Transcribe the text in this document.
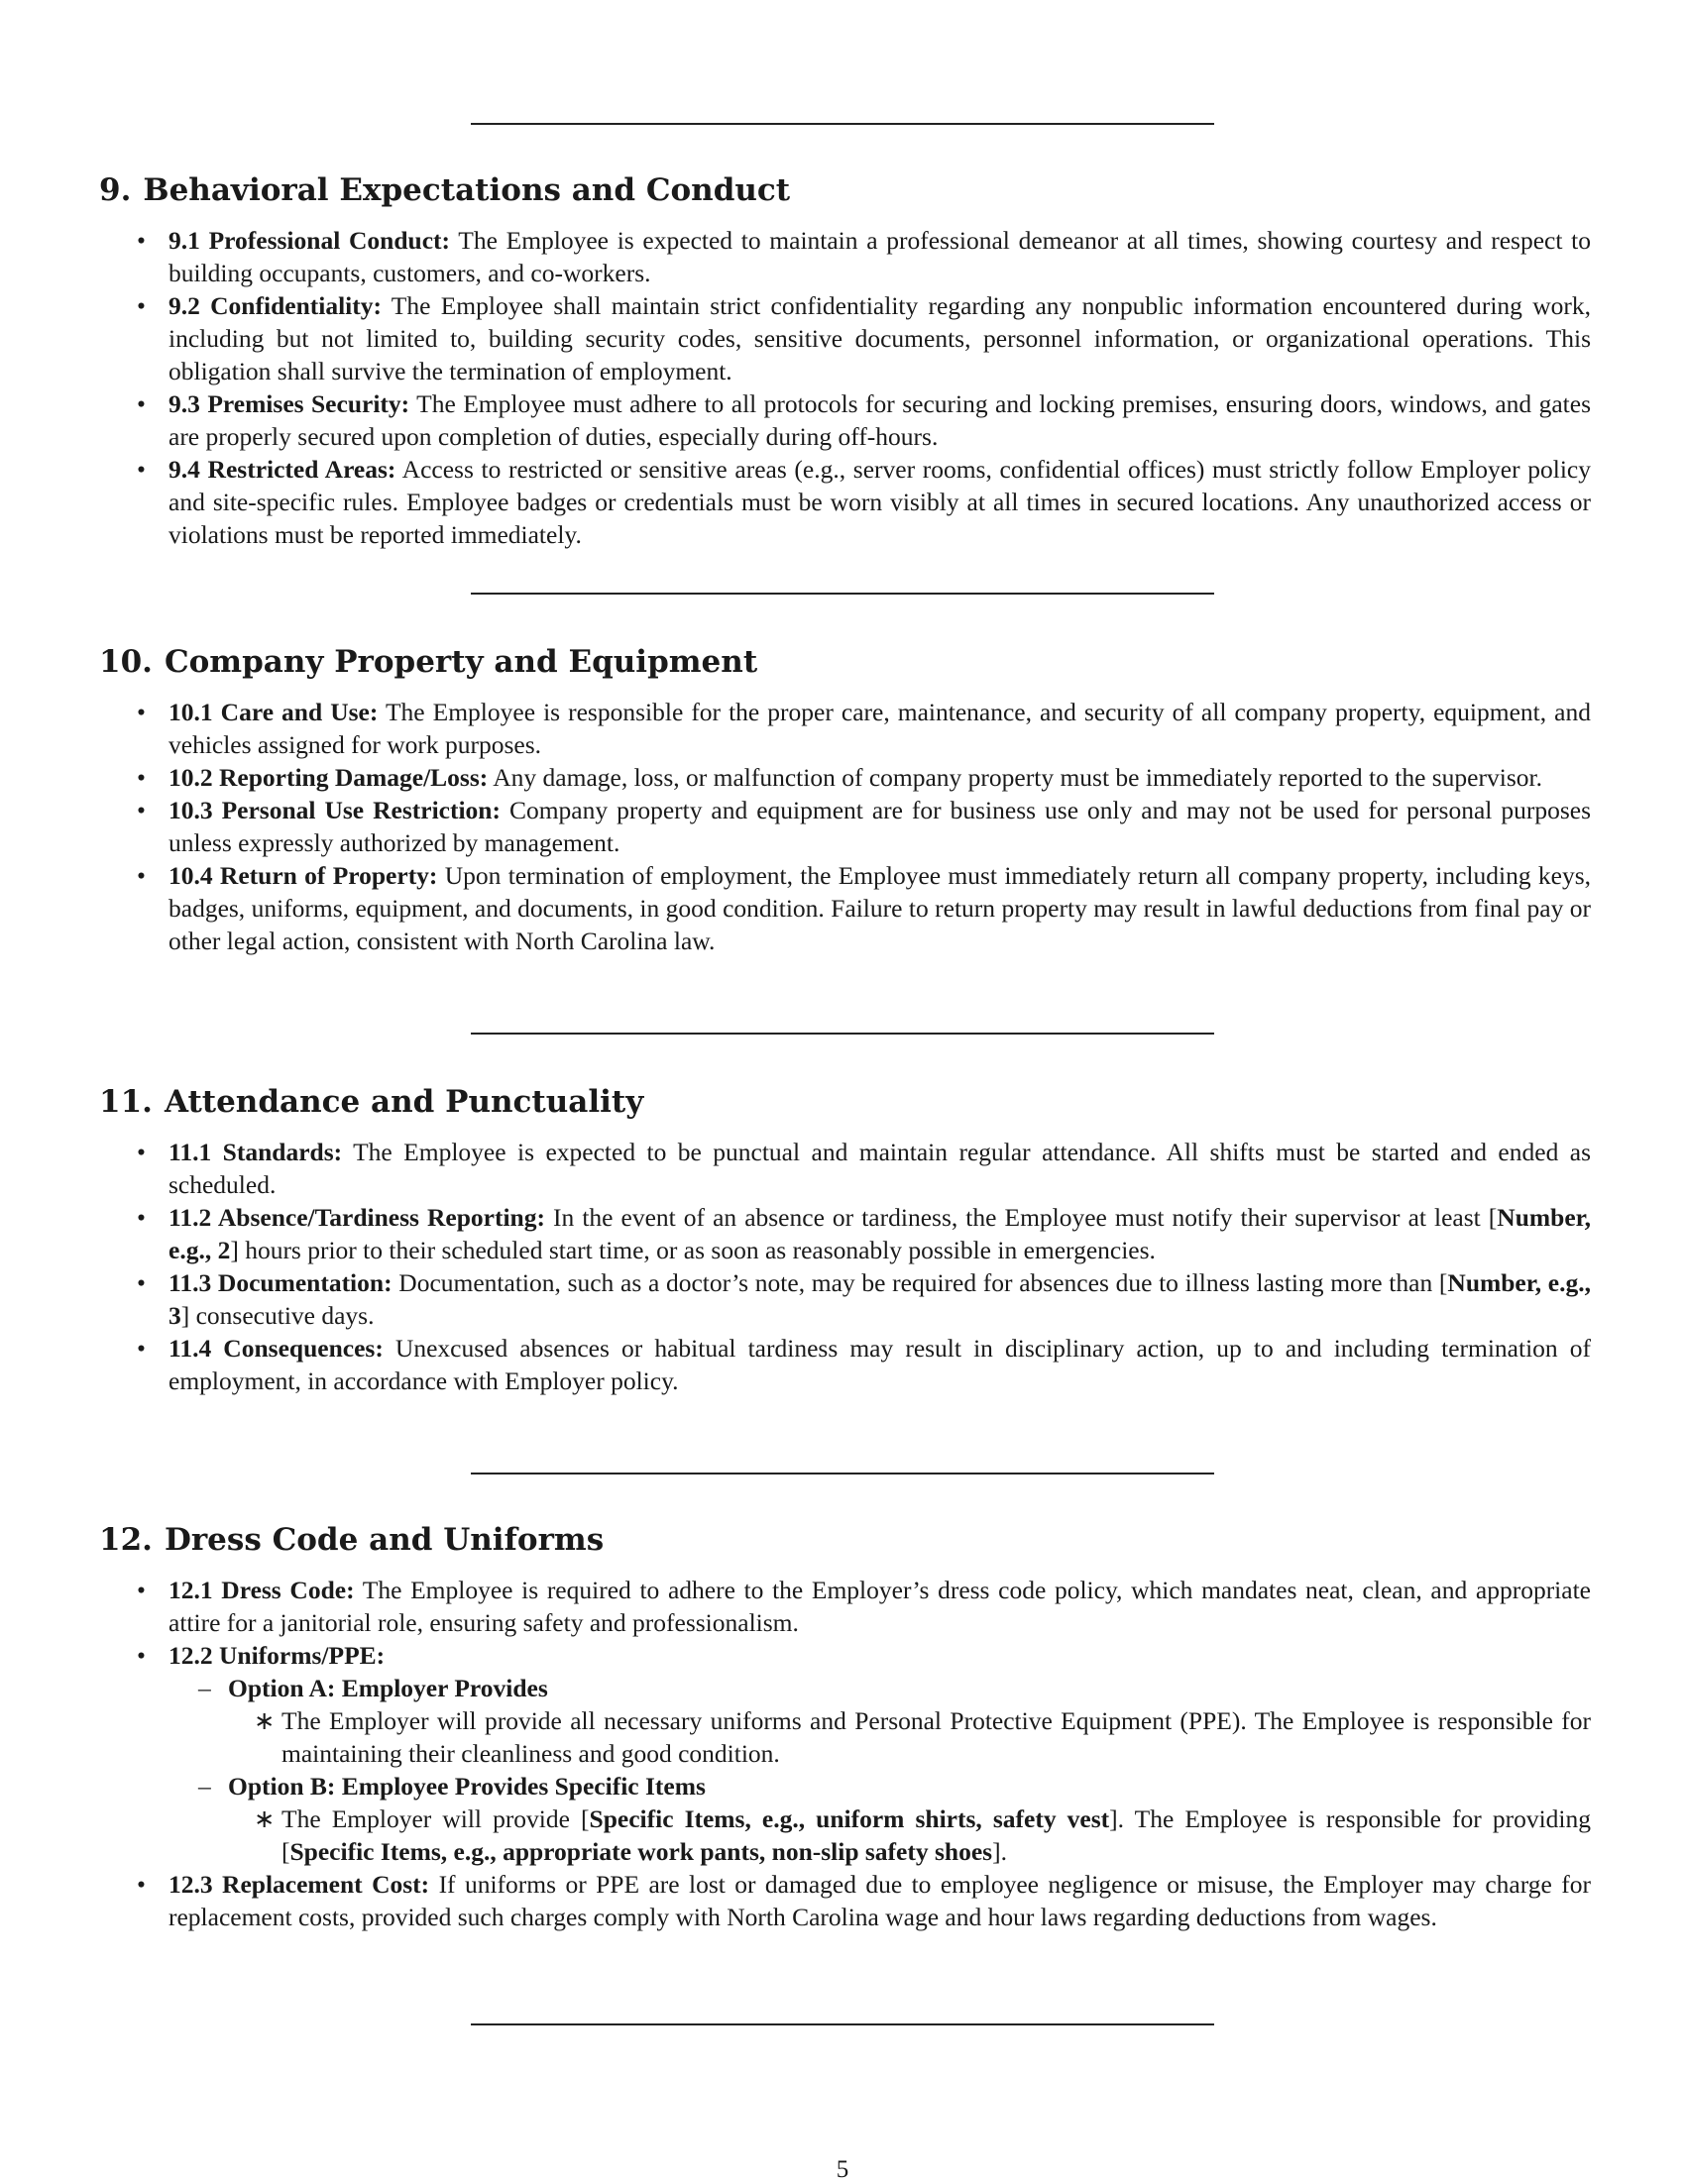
9. Behavioral Expectations and Conduct
• 9.1 Professional Conduct: The Employee is expected to maintain a professional demeanor at all times, showing courtesy and respect to building occupants, customers, and co-workers.
• 9.2 Confidentiality: The Employee shall maintain strict confidentiality regarding any nonpublic information encountered during work, including but not limited to, building security codes, sensitive documents, personnel information, or organizational operations. This obligation shall survive the termination of employment.
• 9.3 Premises Security: The Employee must adhere to all protocols for securing and locking premises, ensuring doors, windows, and gates are properly secured upon completion of duties, especially during off-hours.
• 9.4 Restricted Areas: Access to restricted or sensitive areas (e.g., server rooms, confidential offices) must strictly follow Employer policy and site-specific rules. Employee badges or credentials must be worn visibly at all times in secured locations. Any unauthorized access or violations must be reported immediately.
10. Company Property and Equipment
• 10.1 Care and Use: The Employee is responsible for the proper care, maintenance, and security of all company property, equipment, and vehicles assigned for work purposes.
• 10.2 Reporting Damage/Loss: Any damage, loss, or malfunction of company property must be immediately reported to the supervisor.
• 10.3 Personal Use Restriction: Company property and equipment are for business use only and may not be used for personal purposes unless expressly authorized by management.
• 10.4 Return of Property: Upon termination of employment, the Employee must immediately return all company property, including keys, badges, uniforms, equipment, and documents, in good condition. Failure to return property may result in lawful deductions from final pay or other legal action, consistent with North Carolina law.
11. Attendance and Punctuality
• 11.1 Standards: The Employee is expected to be punctual and maintain regular attendance. All shifts must be started and ended as scheduled.
• 11.2 Absence/Tardiness Reporting: In the event of an absence or tardiness, the Employee must notify their supervisor at least [Number, e.g., 2] hours prior to their scheduled start time, or as soon as reasonably possible in emergencies.
• 11.3 Documentation: Documentation, such as a doctor’s note, may be required for absences due to illness lasting more than [Number, e.g., 3] consecutive days.
• 11.4 Consequences: Unexcused absences or habitual tardiness may result in disciplinary action, up to and including termination of employment, in accordance with Employer policy.
12. Dress Code and Uniforms
• 12.1 Dress Code: The Employee is required to adhere to the Employer’s dress code policy, which mandates neat, clean, and appropriate attire for a janitorial role, ensuring safety and professionalism.
• 12.2 Uniforms/PPE:
– Option A: Employer Provides
∗ The Employer will provide all necessary uniforms and Personal Protective Equipment (PPE). The Employee is responsible for maintaining their cleanliness and good condition.
– Option B: Employee Provides Specific Items
∗ The Employer will provide [Specific Items, e.g., uniform shirts, safety vest]. The Employee is responsible for providing [Specific Items, e.g., appropriate work pants, non-slip safety shoes].
• 12.3 Replacement Cost: If uniforms or PPE are lost or damaged due to employee negligence or misuse, the Employer may charge for replacement costs, provided such charges comply with North Carolina wage and hour laws regarding deductions from wages.
5
